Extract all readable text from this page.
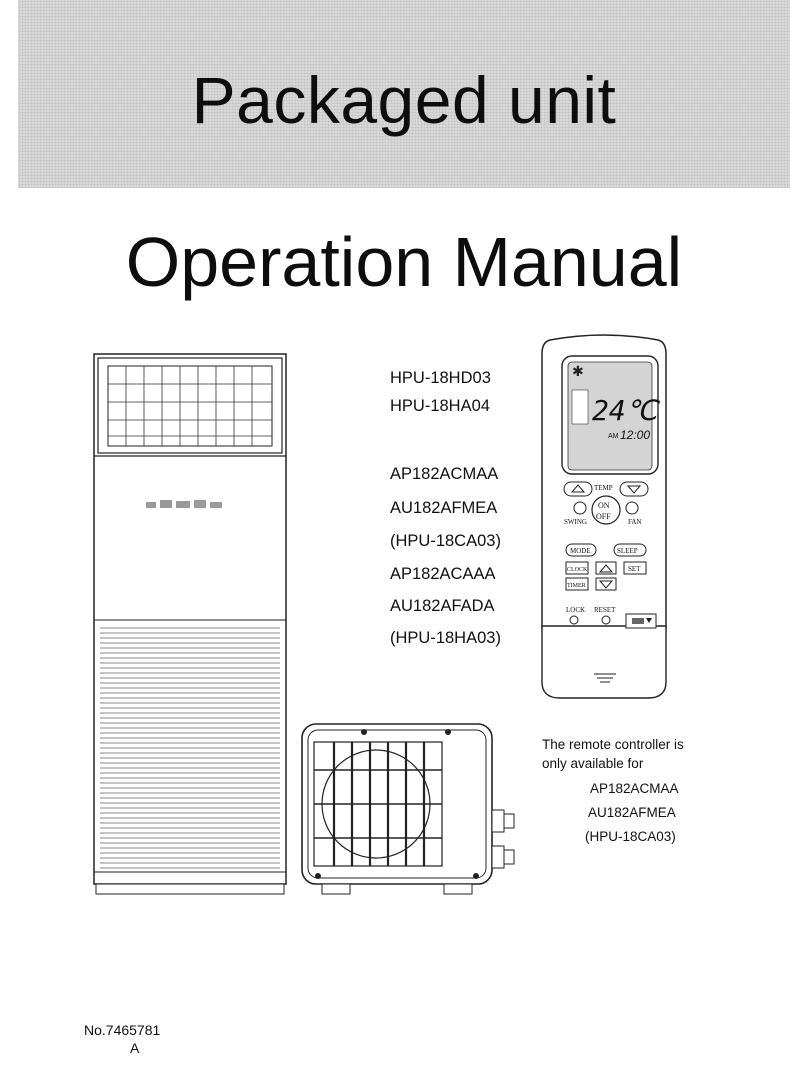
Packaged unit
Operation Manual
✱
24℃
AM 12:00
TEMP
ON
OFF
SWING	FAN
MODE	SLEEP
CLOCK	SET
TIMER
LOCK RESET
HPU-18HD03
HPU-18HA04
AP182ACMAA
AU182AFMEA
(HPU-18CA03)
AP182ACAAA
AU182AFADA
(HPU-18HA03)
The remote controller is
only available for
AP182ACMAA
AU182AFMEA
(HPU-18CA03)
No.7465781
A
